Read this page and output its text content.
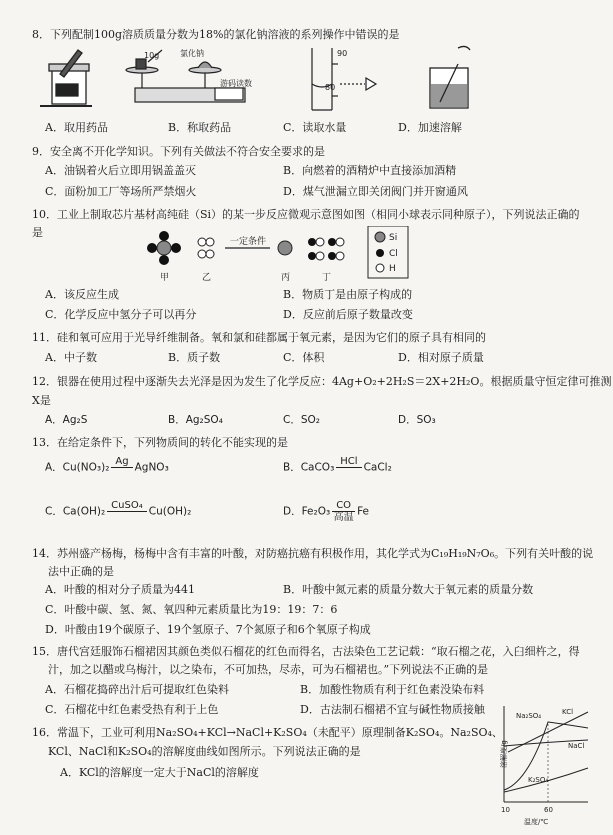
8．下列配制100g溶质质量分数为18%的氯化钠溶液的系列操作中错误的是
10g	氯化钠
游码读数
90
80
A．取用药品	B．称取药品	C．读取水量	D．加速溶解
9．安全离不开化学知识。下列有关做法不符合安全要求的是
A．油锅着火后立即用锅盖盖灭	B．向燃着的酒精炉中直接添加酒精
C．面粉加工厂等场所严禁烟火	D．煤气泄漏立即关闭阀门并开窗通风
10．工业上制取芯片基材高纯硅（Si）的某一步反应微观示意图如图（相同小球表示同种原子），下列说法正确的
是
一定条件
甲	乙	丙	丁
Si
Cl
H
A．该反应生成	B．物质丁是由原子构成的
C．化学反应中氢分子可以再分	D．反应前后原子数量改变
11．硅和氧可应用于光导纤维制备。氧和氯和硅都属于氧元素，是因为它们的原子具有相同的
A．中子数	B．质子数	C．体积	D．相对原子质量
12．银器在使用过程中逐渐失去光泽是因为发生了化学反应：4Ag+O₂+2H₂S＝2X+2H₂O。根据质量守恒定律可推测
X是
A．Ag₂S	B．Ag₂SO₄	C．SO₂	D．SO₃
13．在给定条件下，下列物质间的转化不能实现的是
A．Cu(NO₃)₂ Ag AgNO₃	B．CaCO₃ HCl CaCl₂
C．Ca(OH)₂ CuSO₄ Cu(OH)₂	D．$Fe_2O_3 \frac{CO}{\text{高温}}$ Fe
14．苏州盛产杨梅，杨梅中含有丰富的叶酸，对防癌抗癌有积极作用，其化学式为C₁₉H₁₉N₇O₆。下列有关叶酸的说
法中正确的是
A．叶酸的相对分子质量为441	B．叶酸中氮元素的质量分数大于氧元素的质量分数
C．叶酸中碳、氢、氮、氧四种元素质量比为19：19：7：6
D．叶酸由19个碳原子、19个氢原子、7个氮原子和6个氧原子构成
15．唐代宫廷服饰石榴裙因其颜色类似石榴花的红色而得名，古法染色工艺记载：“取石榴之花，入臼细杵之，得
汁，加之以醋或乌梅汁，以之染布，不可加热，尽赤，可为石榴裙也。”下列说法不正确的是
A．石榴花捣碎出汁后可提取红色染料	B．加酸性物质有利于红色素没染布料
C．石榴花中红色素受热有利于上色	D．古法制石榴裙不宜与碱性物质接触
16．常温下，工业可利用Na₂SO₄+KCl→NaCl+K₂SO₄（未配平）原理制备K₂SO₄。Na₂SO₄、
KCl、NaCl和K₂SO₄的溶解度曲线如图所示。下列说法正确的是
A．KCl的溶解度一定大于NaCl的溶解度
Na₂SO₄	KCl
NaCl
K₂SO₄
溶解度/g
10	60
温度/℃
